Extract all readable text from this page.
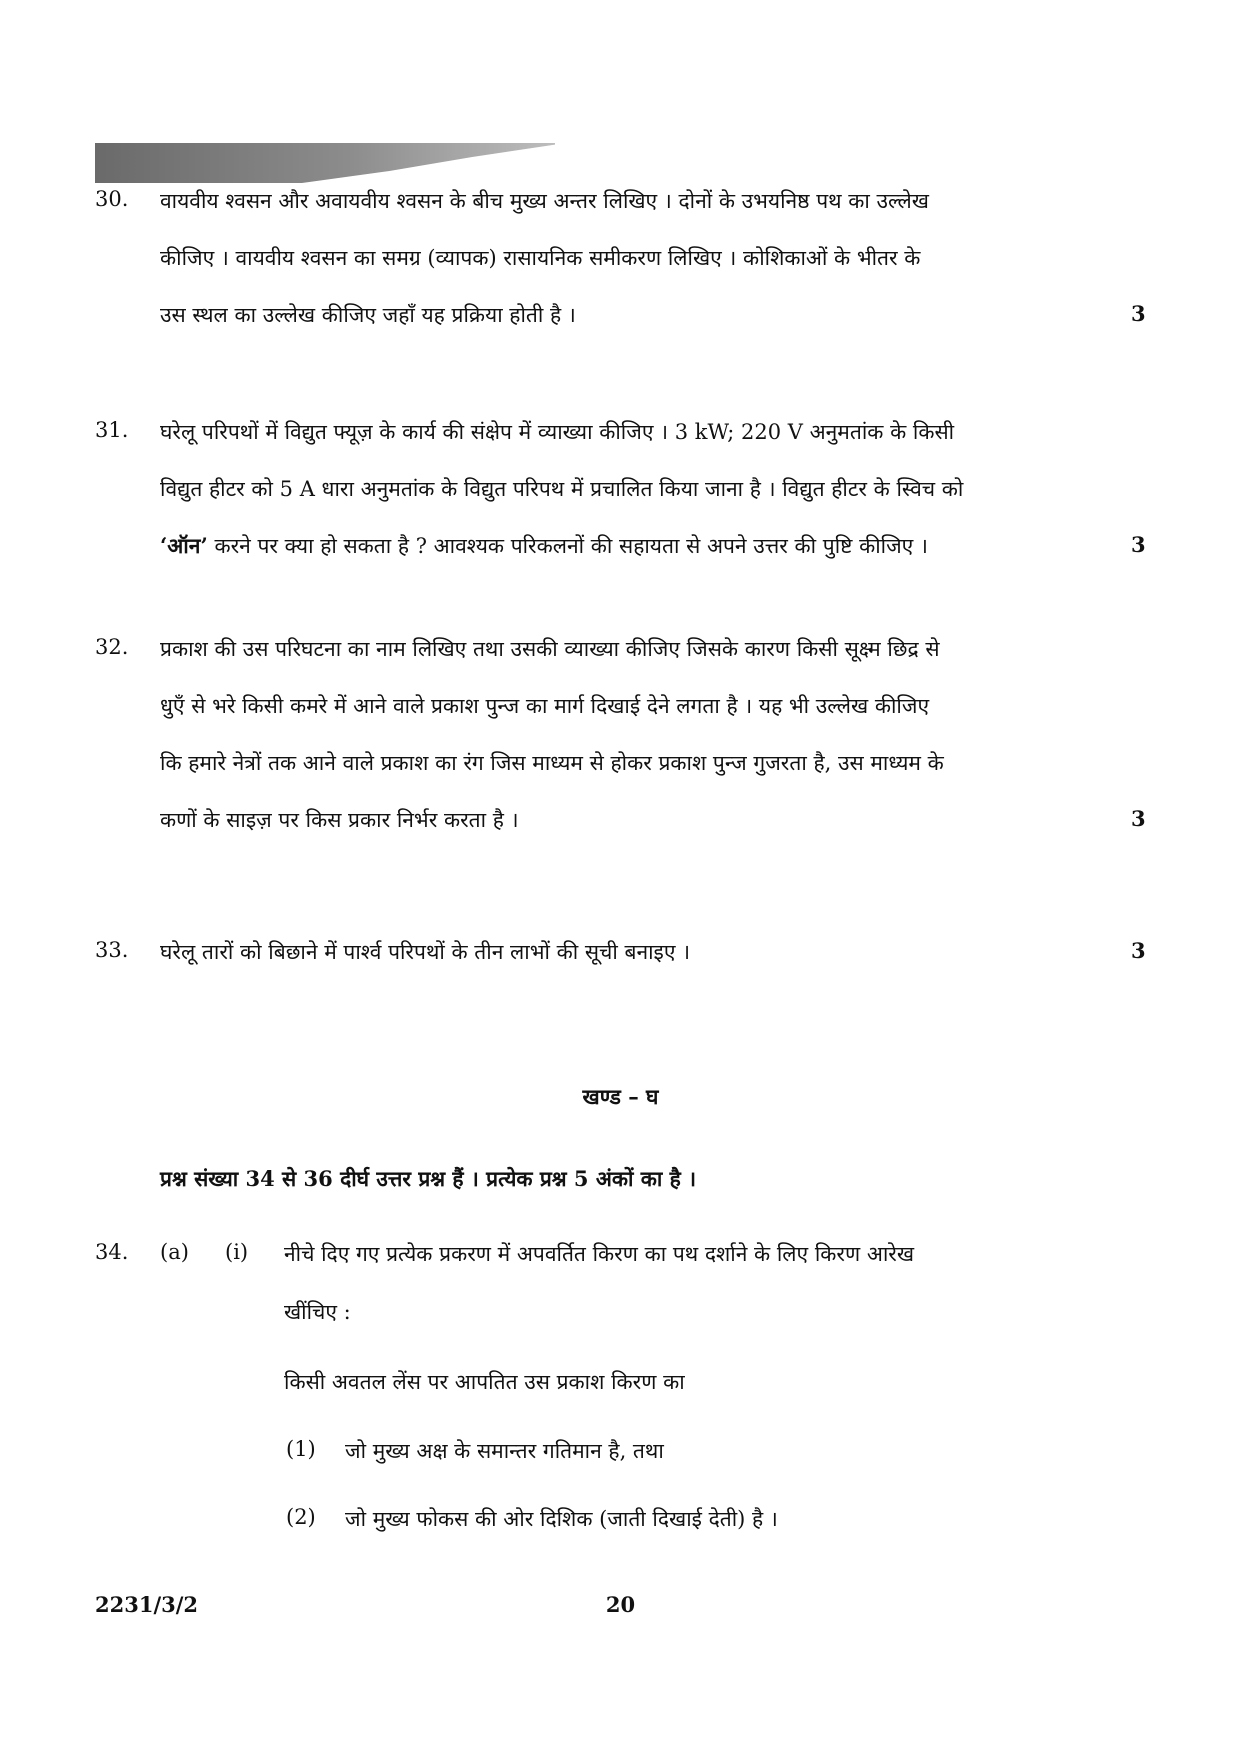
30. वायवीय श्वसन और अवायवीय श्वसन के बीच मुख्य अन्तर लिखिए । दोनों के उभयनिष्ठ पथ का उल्लेख
कीजिए । वायवीय श्वसन का समग्र (व्यापक) रासायनिक समीकरण लिखिए । कोशिकाओं के भीतर के
उस स्थल का उल्लेख कीजिए जहाँ यह प्रक्रिया होती है ।	3
31. घरेलू परिपथों में विद्युत फ्यूज़ के कार्य की संक्षेप में व्याख्या कीजिए । 3 kW; 220 V अनुमतांक के किसी
विद्युत हीटर को 5 A धारा अनुमतांक के विद्युत परिपथ में प्रचालित किया जाना है । विद्युत हीटर के स्विच को
‘ऑन’ करने पर क्या हो सकता है ? आवश्यक परिकलनों की सहायता से अपने उत्तर की पुष्टि कीजिए ।	3
32. प्रकाश की उस परिघटना का नाम लिखिए तथा उसकी व्याख्या कीजिए जिसके कारण किसी सूक्ष्म छिद्र से
धुएँ से भरे किसी कमरे में आने वाले प्रकाश पुन्ज का मार्ग दिखाई देने लगता है । यह भी उल्लेख कीजिए
कि हमारे नेत्रों तक आने वाले प्रकाश का रंग जिस माध्यम से होकर प्रकाश पुन्ज गुजरता है, उस माध्यम के
कणों के साइज़ पर किस प्रकार निर्भर करता है ।	3
33. घरेलू तारों को बिछाने में पार्श्व परिपथों के तीन लाभों की सूची बनाइए ।	3
खण्ड – घ
प्रश्न संख्या 34 से 36 दीर्घ उत्तर प्रश्न हैं । प्रत्येक प्रश्न 5 अंकों का है ।
34. (a) (i) नीचे दिए गए प्रत्येक प्रकरण में अपवर्तित किरण का पथ दर्शाने के लिए किरण आरेख
खींचिए :
किसी अवतल लेंस पर आपतित उस प्रकाश किरण का
(1) जो मुख्य अक्ष के समान्तर गतिमान है, तथा
(2) जो मुख्य फोकस की ओर दिशिक (जाती दिखाई देती) है ।
2231/3/2	20
